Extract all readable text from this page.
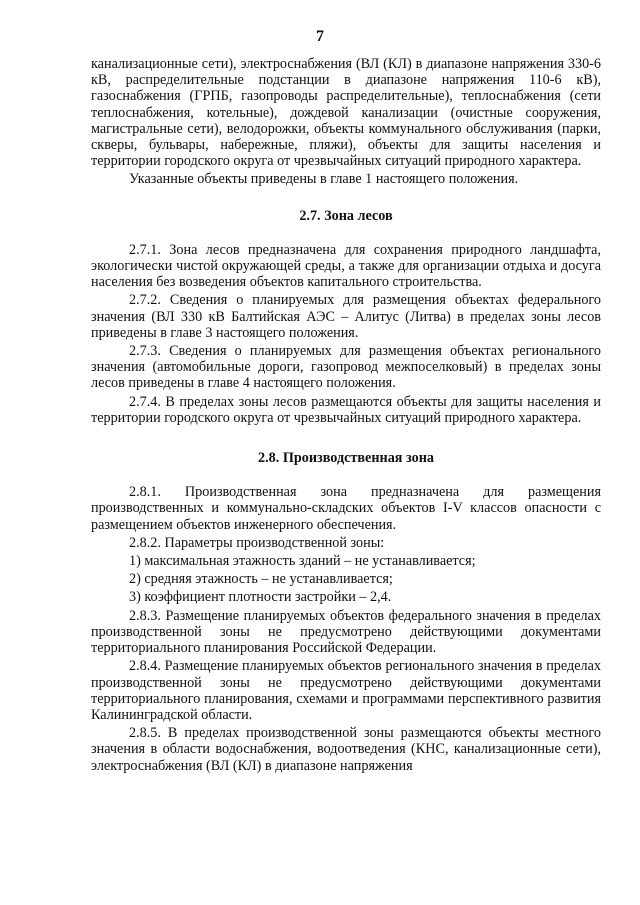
7

канализационные сети), электроснабжения (ВЛ (КЛ) в диапазоне напряжения 330-6 кВ, распределительные подстанции в диапазоне напряжения 110-6 кВ), газоснабжения (ГРПБ, газопроводы распределительные), теплоснабжения (сети теплоснабжения, котельные), дождевой канализации (очистные сооружения, магистральные сети), велодорожки, объекты коммунального обслуживания (парки, скверы, бульвары, набережные, пляжи), объекты для защиты населения и территории городского округа от чрезвычайных ситуаций природного характера.

Указанные объекты приведены в главе 1 настоящего положения.

2.7. Зона лесов

2.7.1. Зона лесов предназначена для сохранения природного ландшафта, экологически чистой окружающей среды, а также для организации отдыха и досуга населения без возведения объектов капитального строительства.

2.7.2. Сведения о планируемых для размещения объектах федерального значения (ВЛ 330 кВ Балтийская АЭС – Алитус (Литва) в пределах зоны лесов приведены в главе 3 настоящего положения.

2.7.3. Сведения о планируемых для размещения объектах регионального значения (автомобильные дороги, газопровод межпоселковый) в пределах зоны лесов приведены в главе 4 настоящего положения.

2.7.4. В пределах зоны лесов размещаются объекты для защиты населения и территории городского округа от чрезвычайных ситуаций природного характера.

2.8. Производственная зона

2.8.1. Производственная зона предназначена для размещения производственных и коммунально-складских объектов I-V классов опасности с размещением объектов инженерного обеспечения.

2.8.2. Параметры производственной зоны:

1) максимальная этажность зданий – не устанавливается;

2) средняя этажность – не устанавливается;

3) коэффициент плотности застройки – 2,4.

2.8.3. Размещение планируемых объектов федерального значения в пределах производственной зоны не предусмотрено действующими документами территориального планирования Российской Федерации.

2.8.4. Размещение планируемых объектов регионального значения в пределах производственной зоны не предусмотрено действующими документами территориального планирования, схемами и программами перспективного развития Калининградской области.

2.8.5. В пределах производственной зоны размещаются объекты местного значения в области водоснабжения, водоотведения (КНС, канализационные сети), электроснабжения (ВЛ (КЛ) в диапазоне напряжения
